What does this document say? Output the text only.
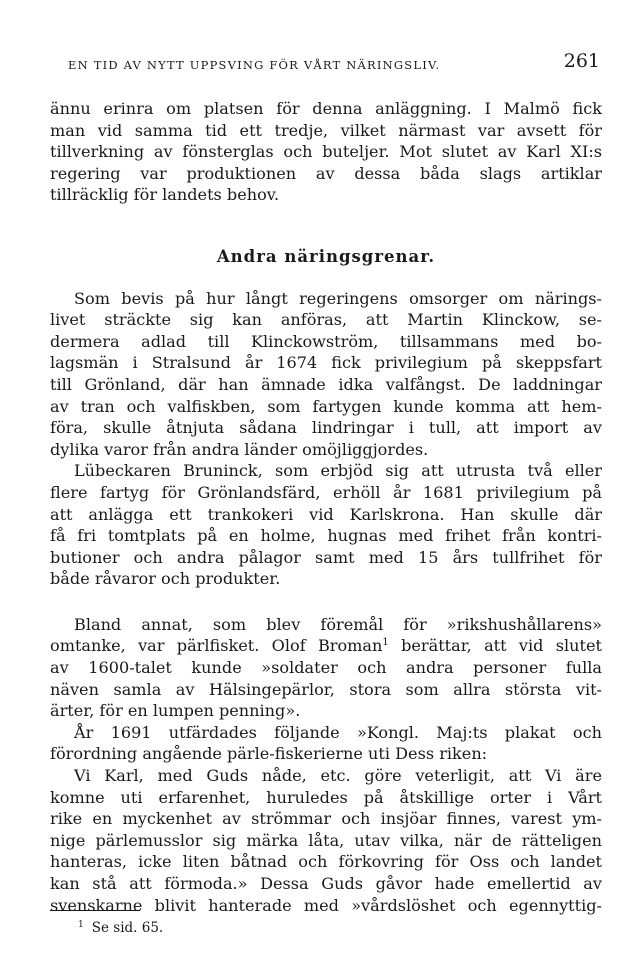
EN TID AV NYTT UPPSVING FÖR VÅRT NÄRINGSLIV.	261

ännu erinra om platsen för denna anläggning. I Malmö fick

man vid samma tid ett tredje, vilket närmast var avsett för

tillverkning av fönsterglas och buteljer. Mot slutet av Karl XI:s

regering var produktionen av dessa båda slags artiklar

tillräcklig för landets behov.

Andra näringsgrenar.

Som bevis på hur långt regeringens omsorger om närings-

livet sträckte sig kan anföras, att Martin Klinckow, se-

dermera adlad till Klinckowström, tillsammans med bo-

lagsmän i Stralsund år 1674 fick privilegium på skeppsfart

till Grönland, där han ämnade idka valfångst. De laddningar

av tran och valfiskben, som fartygen kunde komma att hem-

föra, skulle åtnjuta sådana lindringar i tull, att import av

dylika varor från andra länder omöjliggjordes.

Lübeckaren Bruninck, som erbjöd sig att utrusta två eller

flere fartyg för Grönlandsfärd, erhöll år 1681 privilegium på

att anlägga ett trankokeri vid Karlskrona. Han skulle där

få fri tomtplats på en holme, hugnas med frihet från kontri-

butioner och andra pålagor samt med 15 års tullfrihet för

både råvaror och produkter.

Bland annat, som blev föremål för »rikshushållarens»

omtanke, var pärlfisket. Olof Broman$^1$ berättar, att vid slutet

av 1600-talet kunde »soldater och andra personer fulla

näven samla av Hälsingepärlor, stora som allra största vit-

ärter, för en lumpen penning».

År 1691 utfärdades följande »Kongl. Maj:ts plakat och

förordning angående pärle-fiskerierne uti Dess riken:

Vi Karl, med Guds nåde, etc. göre veterligit, att Vi äre

komne uti erfarenhet, huruledes på åtskillige orter i Vårt

rike en myckenhet av strömmar och insjöar finnes, varest ym-

nige pärlemusslor sig märka låta, utav vilka, när de rätteligen

hanteras, icke liten båtnad och förkovring för Oss och landet

kan stå att förmoda.» Dessa Guds gåvor hade emellertid av

svenskarne blivit hanterade med »vårdslöshet och egennyttig-

$^1$ Se sid. 65.
